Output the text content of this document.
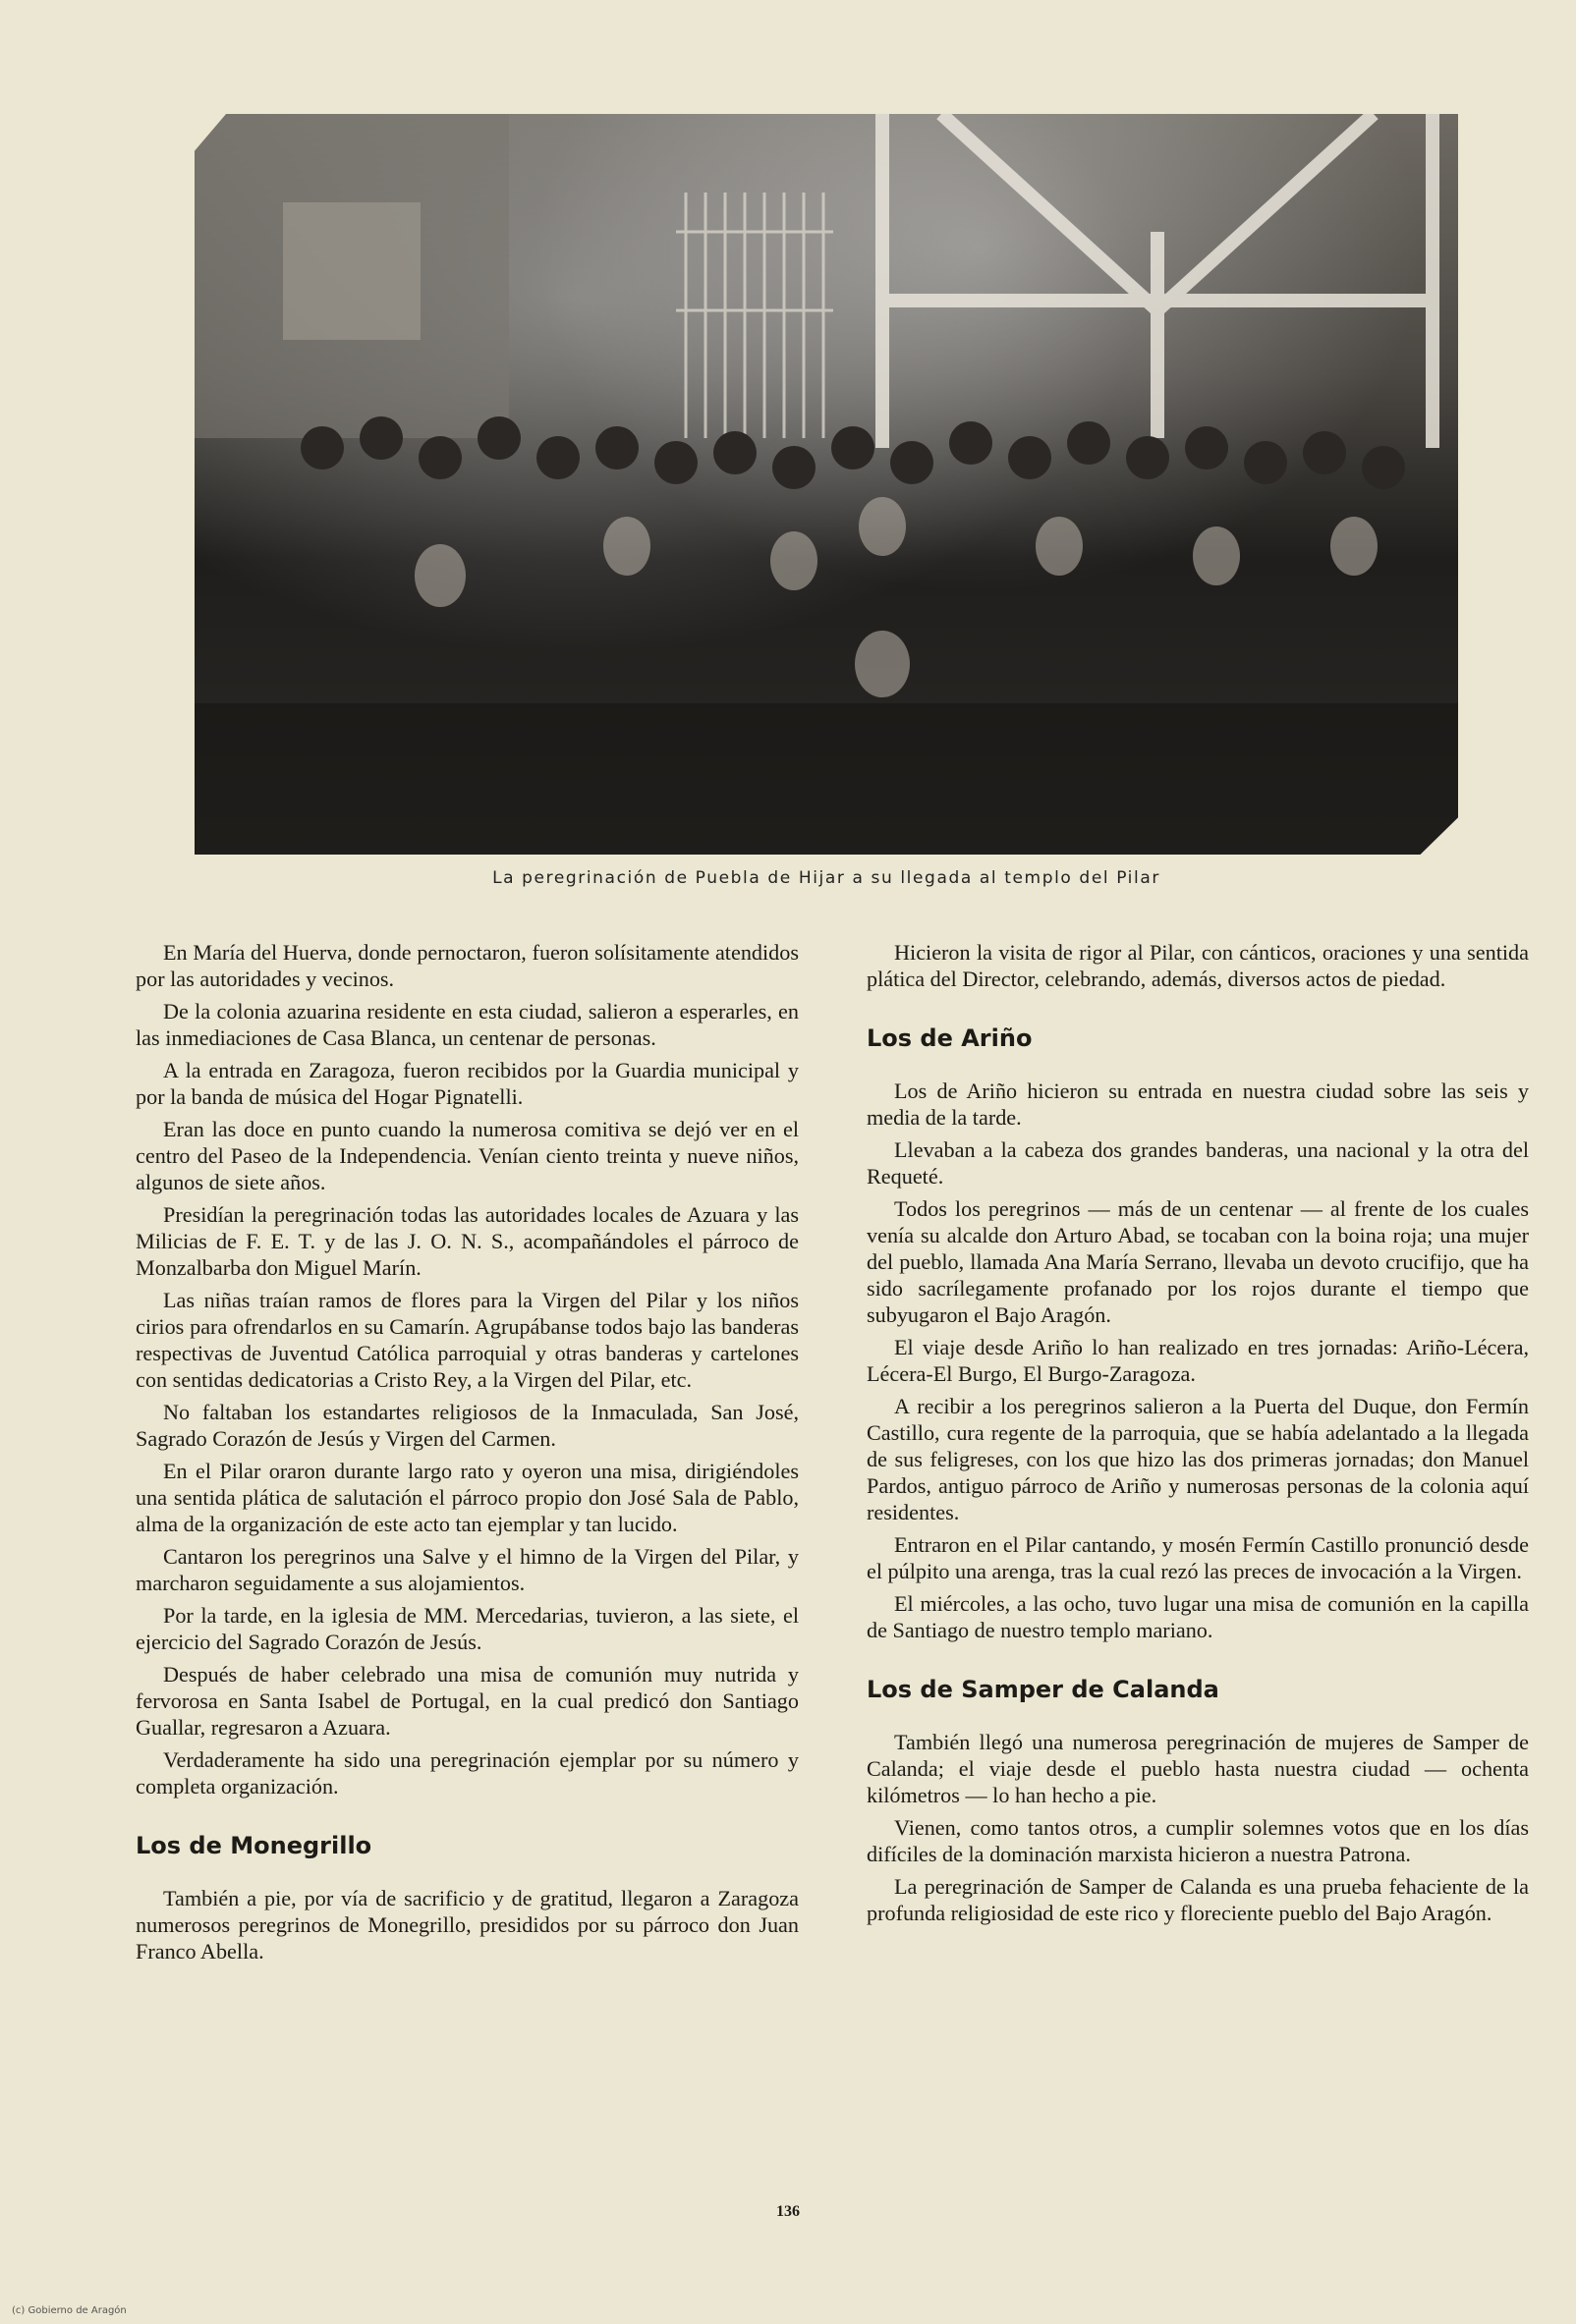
La peregrinación de Puebla de Hijar a su llegada al templo del Pilar

En María del Huerva, donde pernoctaron, fueron solísitamente atendidos por las autoridades y vecinos.

De la colonia azuarina residente en esta ciudad, salieron a esperarles, en las inmediaciones de Casa Blanca, un centenar de personas.

A la entrada en Zaragoza, fueron recibidos por la Guardia municipal y por la banda de música del Hogar Pignatelli.

Eran las doce en punto cuando la numerosa comitiva se dejó ver en el centro del Paseo de la Independencia. Venían ciento treinta y nueve niños, algunos de siete años.

Presidían la peregrinación todas las autoridades locales de Azuara y las Milicias de F. E. T. y de las J. O. N. S., acompañándoles el párroco de Monzalbarba don Miguel Marín.

Las niñas traían ramos de flores para la Virgen del Pilar y los niños cirios para ofrendarlos en su Camarín. Agrupábanse todos bajo las banderas respectivas de Juventud Católica parroquial y otras banderas y cartelones con sentidas dedicatorias a Cristo Rey, a la Virgen del Pilar, etc.

No faltaban los estandartes religiosos de la Inmaculada, San José, Sagrado Corazón de Jesús y Virgen del Carmen.

En el Pilar oraron durante largo rato y oyeron una misa, dirigiéndoles una sentida plática de salutación el párroco propio don José Sala de Pablo, alma de la organización de este acto tan ejemplar y tan lucido.

Cantaron los peregrinos una Salve y el himno de la Virgen del Pilar, y marcharon seguidamente a sus alojamientos.

Por la tarde, en la iglesia de MM. Mercedarias, tuvieron, a las siete, el ejercicio del Sagrado Corazón de Jesús.

Después de haber celebrado una misa de comunión muy nutrida y fervorosa en Santa Isabel de Portugal, en la cual predicó don Santiago Guallar, regresaron a Azuara.

Verdaderamente ha sido una peregrinación ejemplar por su número y completa organización.

Los de Monegrillo

También a pie, por vía de sacrificio y de gratitud, llegaron a Zaragoza numerosos peregrinos de Monegrillo, presididos por su párroco don Juan Franco Abella.

Hicieron la visita de rigor al Pilar, con cánticos, oraciones y una sentida plática del Director, celebrando, además, diversos actos de piedad.

Los de Ariño

Los de Ariño hicieron su entrada en nuestra ciudad sobre las seis y media de la tarde.

Llevaban a la cabeza dos grandes banderas, una nacional y la otra del Requeté.

Todos los peregrinos — más de un centenar — al frente de los cuales venía su alcalde don Arturo Abad, se tocaban con la boina roja; una mujer del pueblo, llamada Ana María Serrano, llevaba un devoto crucifijo, que ha sido sacrílegamente profanado por los rojos durante el tiempo que subyugaron el Bajo Aragón.

El viaje desde Ariño lo han realizado en tres jornadas: Ariño-Lécera, Lécera-El Burgo, El Burgo-Zaragoza.

A recibir a los peregrinos salieron a la Puerta del Duque, don Fermín Castillo, cura regente de la parroquia, que se había adelantado a la llegada de sus feligreses, con los que hizo las dos primeras jornadas; don Manuel Pardos, antiguo párroco de Ariño y numerosas personas de la colonia aquí residentes.

Entraron en el Pilar cantando, y mosén Fermín Castillo pronunció desde el púlpito una arenga, tras la cual rezó las preces de invocación a la Virgen.

El miércoles, a las ocho, tuvo lugar una misa de comunión en la capilla de Santiago de nuestro templo mariano.

Los de Samper de Calanda

También llegó una numerosa peregrinación de mujeres de Samper de Calanda; el viaje desde el pueblo hasta nuestra ciudad — ochenta kilómetros — lo han hecho a pie.

Vienen, como tantos otros, a cumplir solemnes votos que en los días difíciles de la dominación marxista hicieron a nuestra Patrona.

La peregrinación de Samper de Calanda es una prueba fehaciente de la profunda religiosidad de este rico y floreciente pueblo del Bajo Aragón.

136
(c) Gobierno de Aragón
